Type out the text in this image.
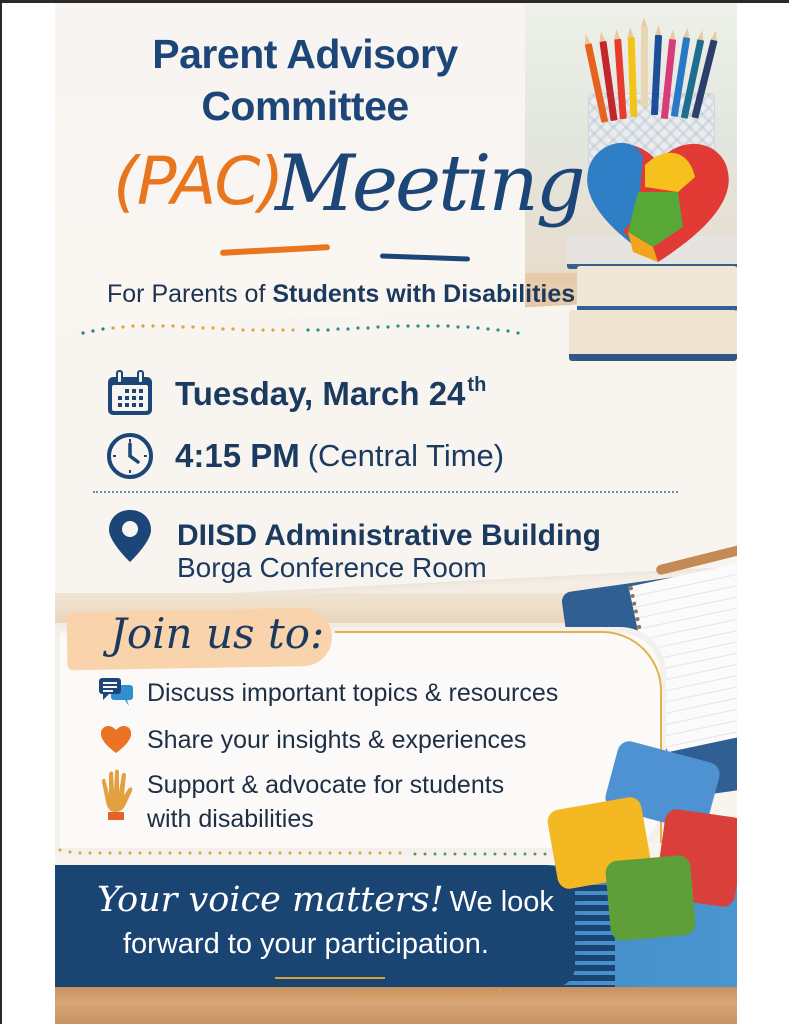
Parent Advisory
Committee
(PAC)
Meeting
For Parents of Students with Disabilities
Tuesday, March 24 $^{th}$
4:15 PM (Central Time)
DIISD Administrative Building
Borga Conference Room
Join us to:
Discuss important topics & resources
Share your insights & experiences
Support & advocate for students
with disabilities
Your voice matters! We look
forward to your participation.
